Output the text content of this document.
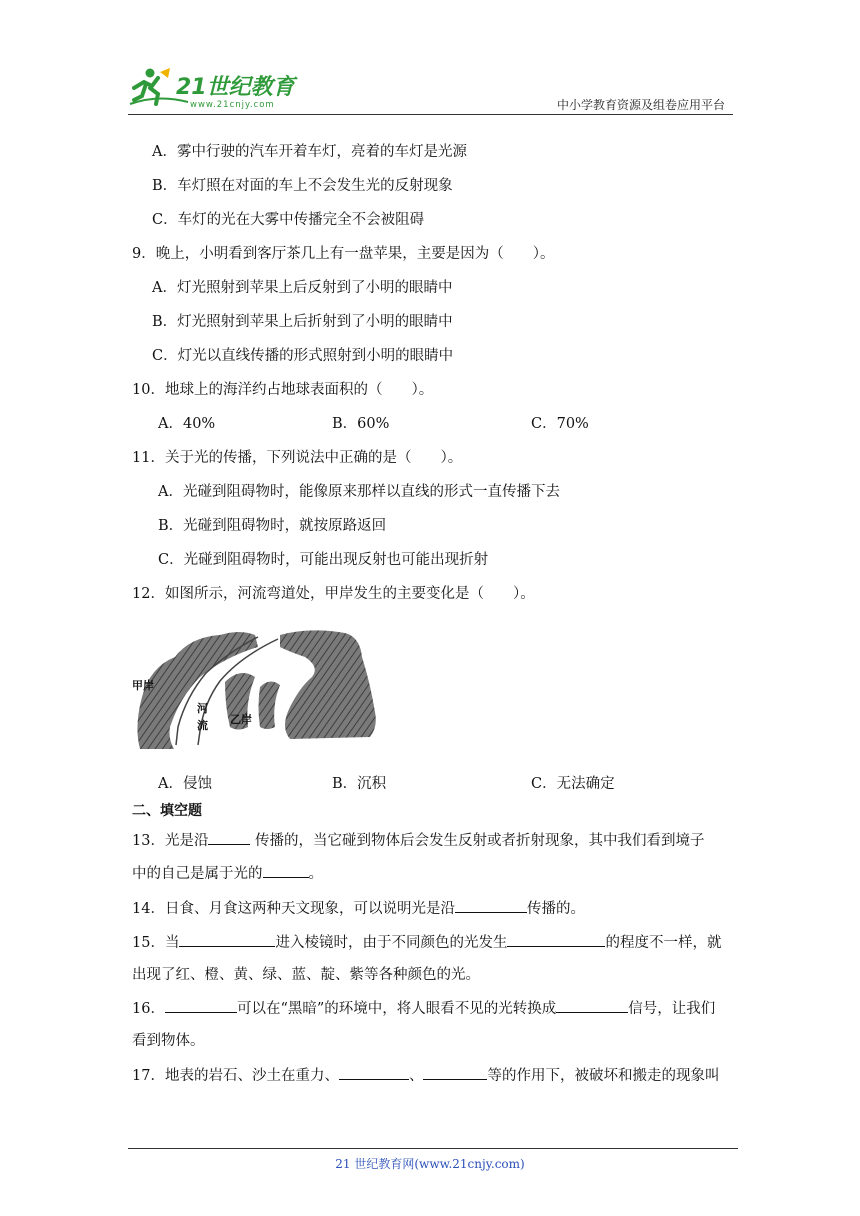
21世纪教育
www.21cnjy.com	中小学教育资源及组卷应用平台
A．雾中行驶的汽车开着车灯，亮着的车灯是光源
B．车灯照在对面的车上不会发生光的反射现象
C．车灯的光在大雾中传播完全不会被阻碍
9．晚上，小明看到客厅茶几上有一盘苹果，主要是因为（　　）。
A．灯光照射到苹果上后反射到了小明的眼睛中
B．灯光照射到苹果上后折射到了小明的眼睛中
C．灯光以直线传播的形式照射到小明的眼睛中
10．地球上的海洋约占地球表面积的（　　）。
A．40%	B．60%	C．70%
11．关于光的传播，下列说法中正确的是（　　）。
A．光碰到阻碍物时，能像原来那样以直线的形式一直传播下去
B．光碰到阻碍物时，就按原路返回
C．光碰到阻碍物时，可能出现反射也可能出现折射
12．如图所示，河流弯道处，甲岸发生的主要变化是（　　）。
甲岸
河
流 乙岸
A．侵蚀	B．沉积	C．无法确定
二、填空题
13．光是沿	传播的，当它碰到物体后会发生反射或者折射现象，其中我们看到境子
中的自己是属于光的	。
14．日食、月食这两种天文现象，可以说明光是沿	传播的。
15．当	进入棱镜时，由于不同颜色的光发生	的程度不一样，就
出现了红、橙、黄、绿、蓝、靛、紫等各种颜色的光。
16．	可以在“黑暗”的环境中，将人眼看不见的光转换成	信号，让我们
看到物体。
17．地表的岩石、沙土在重力、	、	等的作用下，被破坏和搬走的现象叫
21 世纪教育网(www.21cnjy.com)
